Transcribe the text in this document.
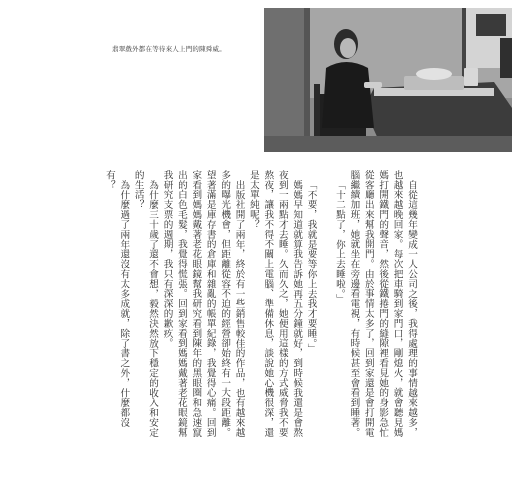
翡翠戲外都在等待來人上門的陳舜威。

自從這幾年變成一人公司之後，我得處理的事情越來越多，也越來越晚回家。每次把車騎到家門口，剛熄火，就會聽見媽媽打開鐵門的聲音，然後從鐵捲門的縫隙裡看見她的身影急忙從客廳出來幫我開門。由於事情太多了，回到家還是會打開電腦繼續加班，她就坐在旁邊看電視，有時候甚至會看到睡著。

「十二點了，你上去睡啦。」

「不要，我就是要等你上去我才要睡。」

媽媽早知道就算我告訴她再五分鐘就好，到時候我還是會熬夜到一兩點才去睡。久而久之，她便用這樣的方式威脅我不要熬夜，讓我不得不關上電腦、準備休息，談說她心機很深，還是太單純呢？

出版社開了兩年，終於有一些銷售較佳的作品，也有越來越多的曝光機會，但距離從容不迫的經營卻始終有一大段距離。望著滿是庫存書的倉庫和雜亂的帳單紀錄，我覺得心痛。回到家看到媽媽戴著老花眼鏡幫我研究看到陳年的黑眼圈和急速竄出的白色毛髮，我覺得慌張。回到家看到媽媽戴著老花眼鏡幫我研究支票的週期，我只有深深的歉疚。

為什麼三十歲了還不會想，毅然決然放下穩定的收入和安定的生活？

為什麼過了兩年還沒有太多成就，除了書之外，什麼都沒有？
